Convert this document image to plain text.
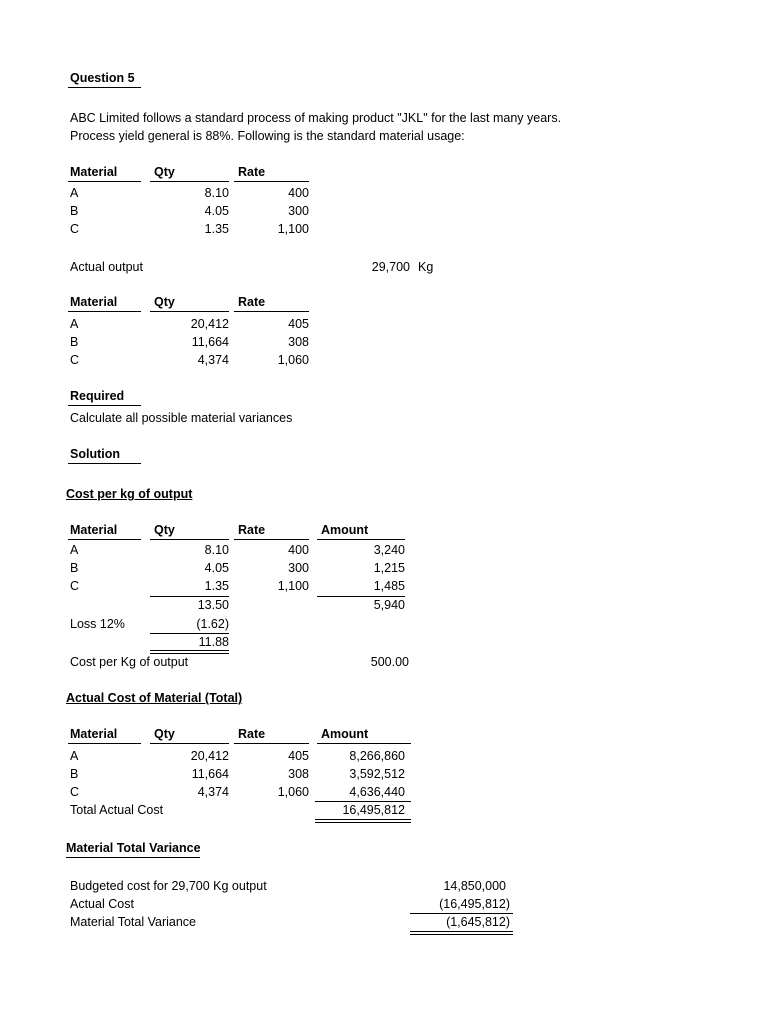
Question 5
ABC Limited follows a standard process of making product "JKL" for the last many years.
Process yield general is 88%. Following is the standard material usage:
Material	Qty	Rate
A	8.10	400
B	4.05	300
C	1.35	1,100
Actual output	29,700 Kg
Material	Qty	Rate
A	20,412	405
B	11,664	308
C	4,374	1,060
Required
Calculate all possible material variances
Solution
Cost per kg of output
Material	Qty	Rate	Amount
A	8.10	400	3,240
B	4.05	300	1,215
C	1.35	1,100	1,485
13.50	5,940
Loss 12%	(1.62)
11.88
Cost per Kg of output	500.00
Actual Cost of Material (Total)
Material	Qty	Rate	Amount
A	20,412	405	8,266,860
B	11,664	308	3,592,512
C	4,374	1,060	4,636,440
Total Actual Cost	16,495,812
Material Total Variance
Budgeted cost for 29,700 Kg output	14,850,000
Actual Cost	(16,495,812)
Material Total Variance	(1,645,812)
